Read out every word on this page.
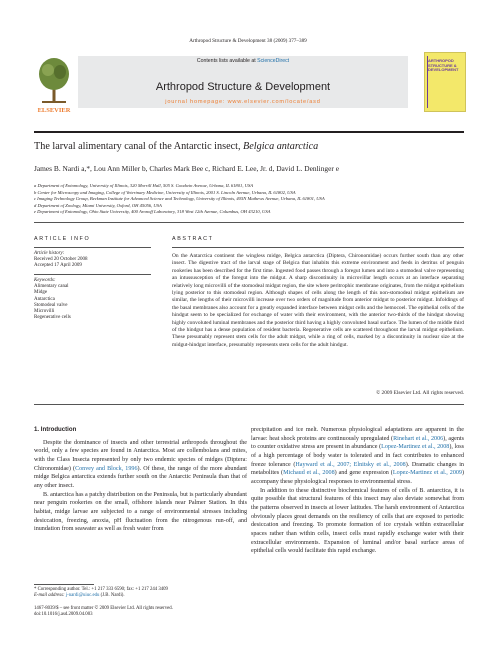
Arthropod Structure & Development 38 (2009) 377–389
Contents lists available at ScienceDirect
Arthropod Structure & Development
journal homepage: www.elsevier.com/locate/asd
ELSEVIER
ARTHROPOD STRUCTURE & DEVELOPMENT
The larval alimentary canal of the Antarctic insect, Belgica antarctica
James B. Nardi a,*, Lou Ann Miller b, Charles Mark Bee c, Richard E. Lee, Jr. d, David L. Denlinger e
a Department of Entomology, University of Illinois, 320 Morrill Hall, 505 S. Goodwin Avenue, Urbana, IL 61801, USA
b Center for Microscopy and Imaging, College of Veterinary Medicine, University of Illinois, 2001 S. Lincoln Avenue, Urbana, IL 61802, USA
c Imaging Technology Group, Beckman Institute for Advanced Science and Technology, University of Illinois, 405N Mathews Avenue, Urbana, IL 61801, USA
d Department of Zoology, Miami University, Oxford, OH 45056, USA
e Department of Entomology, Ohio State University, 400 Aronoff Laboratory, 318 West 12th Avenue, Columbus, OH 43210, USA
ARTICLE INFO	ABSTRACT
Article history:
Received 20 October 2008
Accepted 17 April 2009
Keywords:
Alimentary canal
Midge
Antarctica
Stomodeal valve
Microvilli
Regenerative cells
On the Antarctica continent the wingless midge, Belgica antarctica (Diptera, Chironomidae) occurs further south than any other insect. The digestive tract of the larval stage of Belgica that inhabits this extreme environment and feeds in detritus of penguin rookeries has been described for the first time. Ingested food passes through a foregut lumen and into a stomodeal valve representing an intussusception of the foregut into the midgut. A sharp discontinuity in microvillar length occurs at an interface separating relatively long microvilli of the stomodeal midgut region, the site where peritrophic membrane originates, from the midgut epithelium lying posterior to this stomodeal region. Although shapes of cells along the length of this non-stomodeal midgut epithelium are similar, the lengths of their microvilli increase over two orders of magnitude from anterior midgut to posterior midgut. Infoldings of the basal membranes also account for a greatly expanded interface between midgut cells and the hemocoel. The epithelial cells of the hindgut seem to be specialized for exchange of water with their environment, with the anterior two-thirds of the hindgut showing highly convoluted luminal membranes and the posterior third having a highly convoluted basal surface. The lumen of the middle third of the hindgut has a dense population of resident bacteria. Regenerative cells are scattered throughout the larval midgut epithelium. These presumably represent stem cells for the adult midgut, while a ring of cells, marked by a discontinuity in nuclear size at the midgut-hindgut interface, presumably represents stem cells for the adult hindgut.
© 2009 Elsevier Ltd. All rights reserved.

1. Introduction

Despite the dominance of insects and other terrestrial arthropods throughout the world, only a few species are found in Antarctica. Most are collembolans and mites, with the Class Insecta represented by only two endemic species of midges (Diptera: Chironomidae) (Convey and Block, 1996). Of these, the range of the more abundant midge Belgica antarctica extends further south on the Antarctic Peninsula than that of any other insect.

B. antarctica has a patchy distribution on the Peninsula, but is particularly abundant near penguin rookeries on the small, offshore islands near Palmer Station. In this habitat, midge larvae are subjected to a range of environmental stresses including desiccation, freezing, anoxia, pH fluctuation from the nitrogenous run-off, and inundation from seawater as well as fresh water from

precipitation and ice melt. Numerous physiological adaptations are apparent in the larvae: heat shock proteins are continuously upregulated (Rinehart et al., 2006), agents to counter oxidative stress are present in abundance (Lopez-Martinez et al., 2008), loss of a high percentage of body water is tolerated and in fact contributes to enhanced freeze tolerance (Hayward et al., 2007; Elnitsky et al., 2008). Dramatic changes in metabolites (Michaud et al., 2008) and gene expression (Lopez-Martinez et al., 2009) accompany these physiological responses to environmental stress.

In addition to these distinctive biochemical features of cells of B. antarctica, it is quite possible that structural features of this insect may also deviate somewhat from the patterns observed in insects at lower latitudes. The harsh environment of Antarctica obviously places great demands on the resiliency of cells that are exposed to periodic desiccation and freezing. To promote formation of ice crystals within extracellular spaces rather than within cells, insect cells must rapidly exchange water with their extracellular environments. Expansion of luminal and/or basal surface areas of epithelial cells would facilitate this rapid exchange.

* Corresponding author. Tel.: +1 217 333 6590; fax: +1 217 244 3409
E-mail address: j-nardi@uiuc.edu (J.B. Nardi).
1467-8039/$ – see front matter © 2009 Elsevier Ltd. All rights reserved.
doi:10.1016/j.asd.2009.04.003
